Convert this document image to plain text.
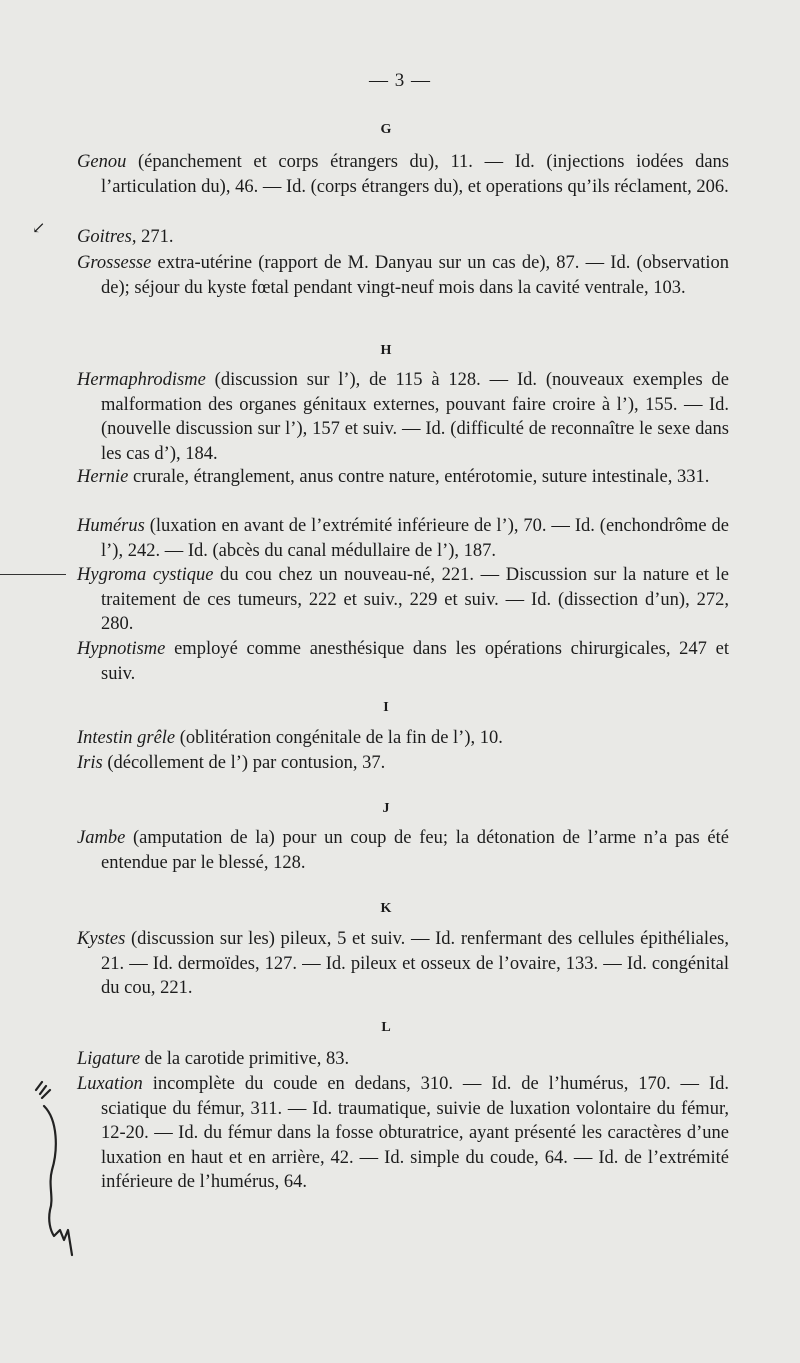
— 3 —
G
Genou (épanchement et corps étrangers du), 11. — Id. (injections iodées dans l’articulation du), 46. — Id. (corps étrangers du), et operations qu’ils réclament, 206.
↙ Goitres, 271.
Grossesse extra-utérine (rapport de M. Danyau sur un cas de), 87. — Id. (observation de); séjour du kyste fœtal pendant vingt-neuf mois dans la cavité ventrale, 103.
H
Hermaphrodisme (discussion sur l’), de 115 à 128. — Id. (nouveaux exemples de malformation des organes génitaux externes, pouvant faire croire à l’), 155. — Id. (nouvelle discussion sur l’), 157 et suiv. — Id. (difficulté de reconnaître le sexe dans les cas d’), 184.
Hernie crurale, étranglement, anus contre nature, entérotomie, suture intestinale, 331.
Humérus (luxation en avant de l’extrémité inférieure de l’), 70. — Id. (enchondrôme de l’), 242. — Id. (abcès du canal médullaire de l’), 187.
Hygroma cystique du cou chez un nouveau-né, 221. — Discussion sur la nature et le traitement de ces tumeurs, 222 et suiv., 229 et suiv. — Id. (dissection d’un), 272, 280.
Hypnotisme employé comme anesthésique dans les opérations chirurgicales, 247 et suiv.
I
Intestin grêle (oblitération congénitale de la fin de l’), 10.
Iris (décollement de l’) par contusion, 37.
J
Jambe (amputation de la) pour un coup de feu; la détonation de l’arme n’a pas été entendue par le blessé, 128.
K
Kystes (discussion sur les) pileux, 5 et suiv. — Id. renfermant des cellules épithéliales, 21. — Id. dermoïdes, 127. — Id. pileux et osseux de l’ovaire, 133. — Id. congénital du cou, 221.
L
Ligature de la carotide primitive, 83.
Luxation incomplète du coude en dedans, 310. — Id. de l’humérus, 170. — Id. sciatique du fémur, 311. — Id. traumatique, suivie de luxation volontaire du fémur, 12-20. — Id. du fémur dans la fosse obturatrice, ayant présenté les caractères d’une luxation en haut et en arrière, 42. — Id. simple du coude, 64. — Id. de l’extrémité inférieure de l’humérus, 64.
